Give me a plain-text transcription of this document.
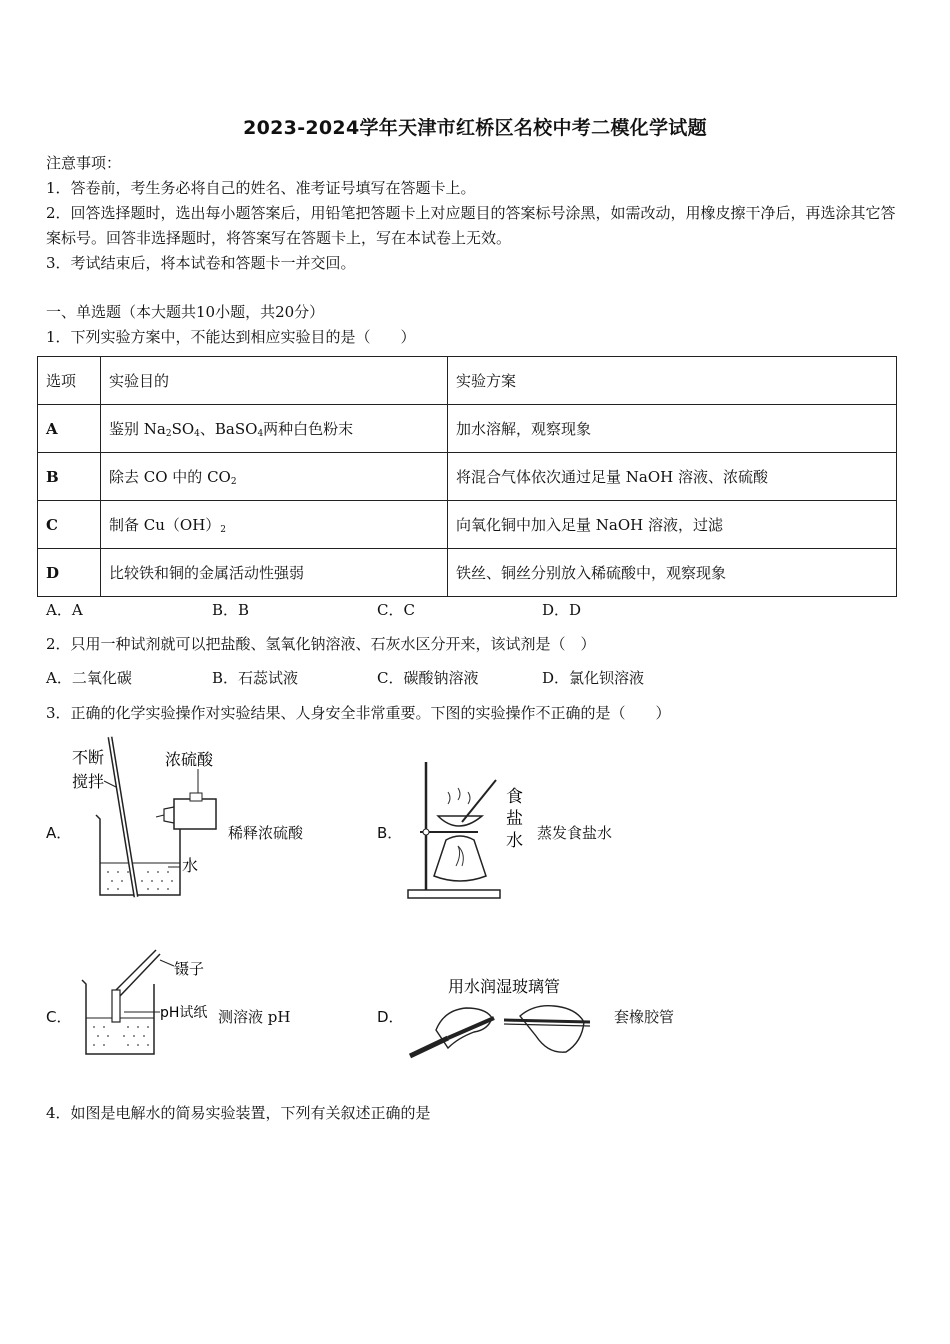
2023-2024学年天津市红桥区名校中考二模化学试题
注意事项：
1．答卷前，考生务必将自己的姓名、准考证号填写在答题卡上。
2．回答选择题时，选出每小题答案后，用铅笔把答题卡上对应题目的答案标号涂黑，如需改动，用橡皮擦干净后，再选涂其它答案标号。回答非选择题时，将答案写在答题卡上，写在本试卷上无效。
3．考试结束后，将本试卷和答题卡一并交回。
一、单选题（本大题共10小题，共20分）
1．下列实验方案中，不能达到相应实验目的是（　　）
选项	实验目的	实验方案
A	鉴别 $Na_2SO_4$、BaSO$_4$两种白色粉末	加水溶解，观察现象
B	除去 CO 中的 $CO_2$	将混合气体依次通过足量 NaOH 溶液、浓硫酸
C	制备 $Cu(OH)_2$	向氧化铜中加入足量 NaOH 溶液，过滤
D	比较铁和铜的金属活动性强弱	铁丝、铜丝分别放入稀硫酸中，观察现象
A．A	B．B	C．C	D．D
2．只用一种试剂就可以把盐酸、氢氧化钠溶液、石灰水区分开来，该试剂是（　）
A．二氧化碳	B．石蕊试液	C．碳酸钠溶液	D．氯化钡溶液
3．正确的化学实验操作对实验结果、人身安全非常重要。下图的实验操作不正确的是（　　）
A．
不断
搅拌
浓硫酸
水
稀释浓硫酸	B．
食
盐
水 蒸发食盐水
C．
镊子
pH试纸 测溶液 pH	D．
用水润湿玻璃管
套橡胶管
4．如图是电解水的简易实验装置，下列有关叙述正确的是
